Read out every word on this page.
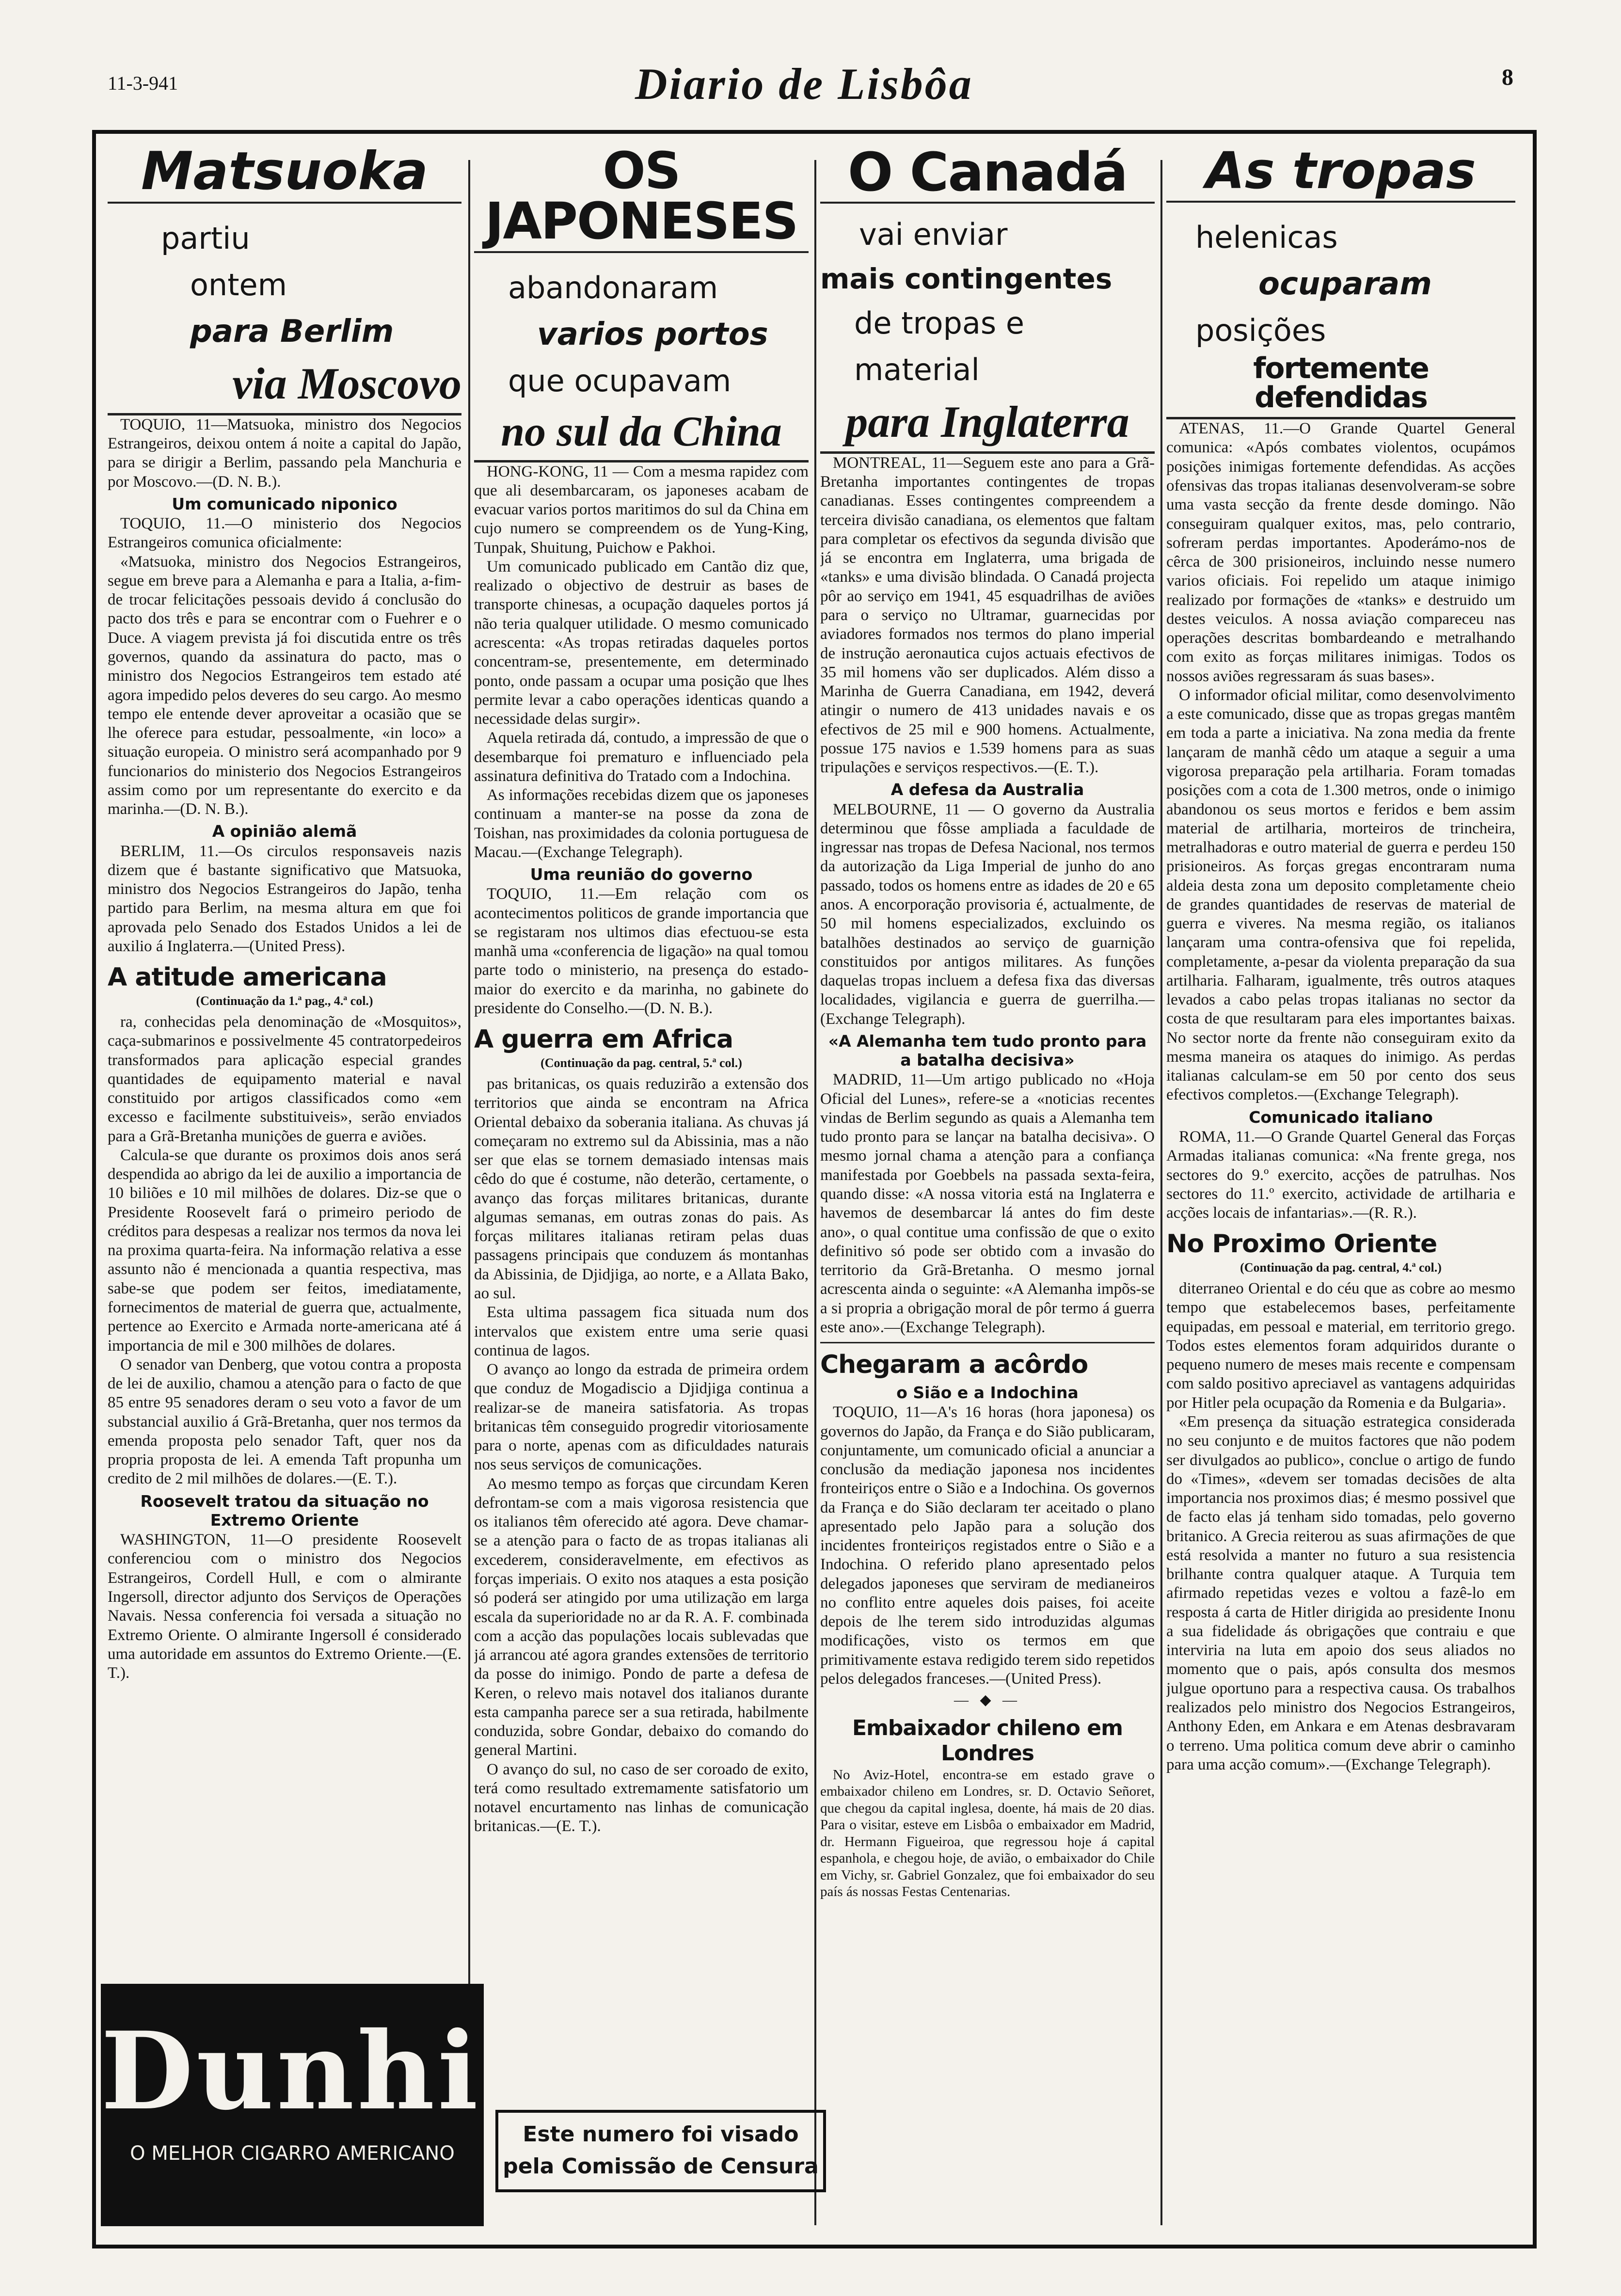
11-3-941	Diario de Lisbôa	8
Matsuoka

partiu

ontem

para Berlim

via Moscovo

TOQUIO, 11—Matsuoka, ministro dos Negocios Estrangeiros, deixou ontem á noite a capital do Japão, para se dirigir a Berlim, passando pela Manchuria e por Moscovo.—(D. N. B.).

Um comunicado niponico

TOQUIO, 11.—O ministerio dos Negocios Estrangeiros comunica oficialmente:

«Matsuoka, ministro dos Negocios Estrangeiros, segue em breve para a Alemanha e para a Italia, a-fim-de trocar felicitações pessoais devido á conclusão do pacto dos três e para se encontrar com o Fuehrer e o Duce. A viagem prevista já foi discutida entre os três governos, quando da assinatura do pacto, mas o ministro dos Negocios Estrangeiros tem estado até agora impedido pelos deveres do seu cargo. Ao mesmo tempo ele entende dever aproveitar a ocasião que se lhe oferece para estudar, pessoalmente, «in loco» a situação europeia. O ministro será acompanhado por 9 funcionarios do ministerio dos Negocios Estrangeiros assim como por um representante do exercito e da marinha.—(D. N. B.).

A opinião alemã

BERLIM, 11.—Os circulos responsaveis nazis dizem que é bastante significativo que Matsuoka, ministro dos Negocios Estrangeiros do Japão, tenha partido para Berlim, na mesma altura em que foi aprovada pelo Senado dos Estados Unidos a lei de auxilio á Inglaterra.—(United Press).

A atitude americana
(Continuação da 1.ª pag., 4.ª col.)

ra, conhecidas pela denominação de «Mosquitos», caça-submarinos e possivelmente 45 contratorpedeiros transformados para aplicação especial grandes quantidades de equipamento material e naval constituido por artigos classificados como «em excesso e facilmente substituiveis», serão enviados para a Grã-Bretanha munições de guerra e aviões.

Calcula-se que durante os proximos dois anos será despendida ao abrigo da lei de auxilio a importancia de 10 biliões e 10 mil milhões de dolares. Diz-se que o Presidente Roosevelt fará o primeiro periodo de créditos para despesas a realizar nos termos da nova lei na proxima quarta-feira. Na informação relativa a esse assunto não é mencionada a quantia respectiva, mas sabe-se que podem ser feitos, imediatamente, fornecimentos de material de guerra que, actualmente, pertence ao Exercito e Armada norte-americana até á importancia de mil e 300 milhões de dolares.

O senador van Denberg, que votou contra a proposta de lei de auxilio, chamou a atenção para o facto de que 85 entre 95 senadores deram o seu voto a favor de um substancial auxilio á Grã-Bretanha, quer nos termos da emenda proposta pelo senador Taft, quer nos da propria proposta de lei. A emenda Taft propunha um credito de 2 mil milhões de dolares.—(E. T.).

Roosevelt tratou da situação no Extremo Oriente

WASHINGTON, 11—O presidente Roosevelt conferenciou com o ministro dos Negocios Estrangeiros, Cordell Hull, e com o almirante Ingersoll, director adjunto dos Serviços de Operações Navais. Nessa conferencia foi versada a situação no Extremo Oriente. O almirante Ingersoll é considerado uma autoridade em assuntos do Extremo Oriente.—(E. T.).

Dunhill
O MELHOR CIGARRO AMERICANO
OS JAPONESES

abandonaram

varios portos

que ocupavam

no sul da China

HONG-KONG, 11 — Com a mesma rapidez com que ali desembarcaram, os japoneses acabam de evacuar varios portos maritimos do sul da China em cujo numero se compreendem os de Yung-King, Tunpak, Shuitung, Puichow e Pakhoi.

Um comunicado publicado em Cantão diz que, realizado o objectivo de destruir as bases de transporte chinesas, a ocupação daqueles portos já não teria qualquer utilidade. O mesmo comunicado acrescenta: «As tropas retiradas daqueles portos concentram-se, presentemente, em determinado ponto, onde passam a ocupar uma posição que lhes permite levar a cabo operações identicas quando a necessidade delas surgir».

Aquela retirada dá, contudo, a impressão de que o desembarque foi prematuro e influenciado pela assinatura definitiva do Tratado com a Indochina.

As informações recebidas dizem que os japoneses continuam a manter-se na posse da zona de Toishan, nas proximidades da colonia portuguesa de Macau.—(Exchange Telegraph).

Uma reunião do governo

TOQUIO, 11.—Em relação com os acontecimentos politicos de grande importancia que se registaram nos ultimos dias efectuou-se esta manhã uma «conferencia de ligação» na qual tomou parte todo o ministerio, na presença do estado-maior do exercito e da marinha, no gabinete do presidente do Conselho.—(D. N. B.).

A guerra em Africa
(Continuação da pag. central, 5.ª col.)

pas britanicas, os quais reduzirão a extensão dos territorios que ainda se encontram na Africa Oriental debaixo da soberania italiana. As chuvas já começaram no extremo sul da Abissinia, mas a não ser que elas se tornem demasiado intensas mais cêdo do que é costume, não deterão, certamente, o avanço das forças militares britanicas, durante algumas semanas, em outras zonas do pais. As forças militares italianas retiram pelas duas passagens principais que conduzem ás montanhas da Abissinia, de Djidjiga, ao norte, e a Allata Bako, ao sul.

Esta ultima passagem fica situada num dos intervalos que existem entre uma serie quasi continua de lagos.

O avanço ao longo da estrada de primeira ordem que conduz de Mogadiscio a Djidjiga continua a realizar-se de maneira satisfatoria. As tropas britanicas têm conseguido progredir vitoriosamente para o norte, apenas com as dificuldades naturais nos seus serviços de comunicações.

Ao mesmo tempo as forças que circundam Keren defrontam-se com a mais vigorosa resistencia que os italianos têm oferecido até agora. Deve chamar-se a atenção para o facto de as tropas italianas ali excederem, consideravelmente, em efectivos as forças imperiais. O exito nos ataques a esta posição só poderá ser atingido por uma utilização em larga escala da superioridade no ar da R. A. F. combinada com a acção das populações locais sublevadas que já arrancou até agora grandes extensões de territorio da posse do inimigo. Pondo de parte a defesa de Keren, o relevo mais notavel dos italianos durante esta campanha parece ser a sua retirada, habilmente conduzida, sobre Gondar, debaixo do comando do general Martini.

O avanço do sul, no caso de ser coroado de exito, terá como resultado extremamente satisfatorio um notavel encurtamento nas linhas de comunicação britanicas.—(E. T.).

Este numero foi visado pela Comissão de Censura
O Canadá

vai enviar

mais contingentes

de tropas e material

para Inglaterra

MONTREAL, 11—Seguem este ano para a Grã-Bretanha importantes contingentes de tropas canadianas. Esses contingentes compreendem a terceira divisão canadiana, os elementos que faltam para completar os efectivos da segunda divisão que já se encontra em Inglaterra, uma brigada de «tanks» e uma divisão blindada. O Canadá projecta pôr ao serviço em 1941, 45 esquadrilhas de aviões para o serviço no Ultramar, guarnecidas por aviadores formados nos termos do plano imperial de instrução aeronautica cujos actuais efectivos de 35 mil homens vão ser duplicados. Além disso a Marinha de Guerra Canadiana, em 1942, deverá atingir o numero de 413 unidades navais e os efectivos de 25 mil e 900 homens. Actualmente, possue 175 navios e 1.539 homens para as suas tripulações e serviços respectivos.—(E. T.).

A defesa da Australia

MELBOURNE, 11 — O governo da Australia determinou que fôsse ampliada a faculdade de ingressar nas tropas de Defesa Nacional, nos termos da autorização da Liga Imperial de junho do ano passado, todos os homens entre as idades de 20 e 65 anos. A encorporação provisoria é, actualmente, de 50 mil homens especializados, excluindo os batalhões destinados ao serviço de guarnição constituidos por antigos militares. As funções daquelas tropas incluem a defesa fixa das diversas localidades, vigilancia e guerra de guerrilha.—(Exchange Telegraph).

«A Alemanha tem tudo pronto para a batalha decisiva»

MADRID, 11—Um artigo publicado no «Hoja Oficial del Lunes», refere-se a «noticias recentes vindas de Berlim segundo as quais a Alemanha tem tudo pronto para se lançar na batalha decisiva». O mesmo jornal chama a atenção para a confiança manifestada por Goebbels na passada sexta-feira, quando disse: «A nossa vitoria está na Inglaterra e havemos de desembarcar lá antes do fim deste ano», o qual contitue uma confissão de que o exito definitivo só pode ser obtido com a invasão do territorio da Grã-Bretanha. O mesmo jornal acrescenta ainda o seguinte: «A Alemanha impõs-se a si propria a obrigação moral de pôr termo á guerra este ano».—(Exchange Telegraph).

Chegaram a acôrdo
o Sião e a Indochina

TOQUIO, 11—A's 16 horas (hora japonesa) os governos do Japão, da França e do Sião publicaram, conjuntamente, um comunicado oficial a anunciar a conclusão da mediação japonesa nos incidentes fronteiriços entre o Sião e a Indochina. Os governos da França e do Sião declaram ter aceitado o plano apresentado pelo Japão para a solução dos incidentes fronteiriços registados entre o Sião e a Indochina. O referido plano apresentado pelos delegados japoneses que serviram de medianeiros no conflito entre aqueles dois paises, foi aceite depois de lhe terem sido introduzidas algumas modificações, visto os termos em que primitivamente estava redigido terem sido repetidos pelos delegados franceses.—(United Press).

— ◆ —
Embaixador chileno em Londres

No Aviz-Hotel, encontra-se em estado grave o embaixador chileno em Londres, sr. D. Octavio Señoret, que chegou da capital inglesa, doente, há mais de 20 dias. Para o visitar, esteve em Lisbôa o embaixador em Madrid, dr. Hermann Figueiroa, que regressou hoje á capital espanhola, e chegou hoje, de avião, o embaixador do Chile em Vichy, sr. Gabriel Gonzalez, que foi embaixador do seu país ás nossas Festas Centenarias.

As tropas

helenicas

ocuparam

posições

fortemente defendidas

ATENAS, 11.—O Grande Quartel General comunica: «Após combates violentos, ocupámos posições inimigas fortemente defendidas. As acções ofensivas das tropas italianas desenvolveram-se sobre uma vasta secção da frente desde domingo. Não conseguiram qualquer exitos, mas, pelo contrario, sofreram perdas importantes. Apoderámo-nos de cêrca de 300 prisioneiros, incluindo nesse numero varios oficiais. Foi repelido um ataque inimigo realizado por formações de «tanks» e destruido um destes veiculos. A nossa aviação compareceu nas operações descritas bombardeando e metralhando com exito as forças militares inimigas. Todos os nossos aviões regressaram ás suas bases».

O informador oficial militar, como desenvolvimento a este comunicado, disse que as tropas gregas mantêm em toda a parte a iniciativa. Na zona media da frente lançaram de manhã cêdo um ataque a seguir a uma vigorosa preparação pela artilharia. Foram tomadas posições com a cota de 1.300 metros, onde o inimigo abandonou os seus mortos e feridos e bem assim material de artilharia, morteiros de trincheira, metralhadoras e outro material de guerra e perdeu 150 prisioneiros. As forças gregas encontraram numa aldeia desta zona um deposito completamente cheio de grandes quantidades de reservas de material de guerra e viveres. Na mesma região, os italianos lançaram uma contra-ofensiva que foi repelida, completamente, a-pesar da violenta preparação da sua artilharia. Falharam, igualmente, três outros ataques levados a cabo pelas tropas italianas no sector da costa de que resultaram para eles importantes baixas. No sector norte da frente não conseguiram exito da mesma maneira os ataques do inimigo. As perdas italianas calculam-se em 50 por cento dos seus efectivos completos.—(Exchange Telegraph).

Comunicado italiano

ROMA, 11.—O Grande Quartel General das Forças Armadas italianas comunica: «Na frente grega, nos sectores do 9.º exercito, acções de patrulhas. Nos sectores do 11.º exercito, actividade de artilharia e acções locais de infantarias».—(R. R.).

No Proximo Oriente
(Continuação da pag. central, 4.ª col.)

diterraneo Oriental e do céu que as cobre ao mesmo tempo que estabelecemos bases, perfeitamente equipadas, em pessoal e material, em territorio grego. Todos estes elementos foram adquiridos durante o pequeno numero de meses mais recente e compensam com saldo positivo apreciavel as vantagens adquiridas por Hitler pela ocupação da Romenia e da Bulgaria».

«Em presença da situação estrategica considerada no seu conjunto e de muitos factores que não podem ser divulgados ao publico», conclue o artigo de fundo do «Times», «devem ser tomadas decisões de alta importancia nos proximos dias; é mesmo possivel que de facto elas já tenham sido tomadas, pelo governo britanico. A Grecia reiterou as suas afirmações de que está resolvida a manter no futuro a sua resistencia brilhante contra qualquer ataque. A Turquia tem afirmado repetidas vezes e voltou a fazê-lo em resposta á carta de Hitler dirigida ao presidente Inonu a sua fidelidade ás obrigações que contraiu e que interviria na luta em apoio dos seus aliados no momento que o pais, após consulta dos mesmos julgue oportuno para a respectiva causa. Os trabalhos realizados pelo ministro dos Negocios Estrangeiros, Anthony Eden, em Ankara e em Atenas desbravaram o terreno. Uma politica comum deve abrir o caminho para uma acção comum».—(Exchange Telegraph).
